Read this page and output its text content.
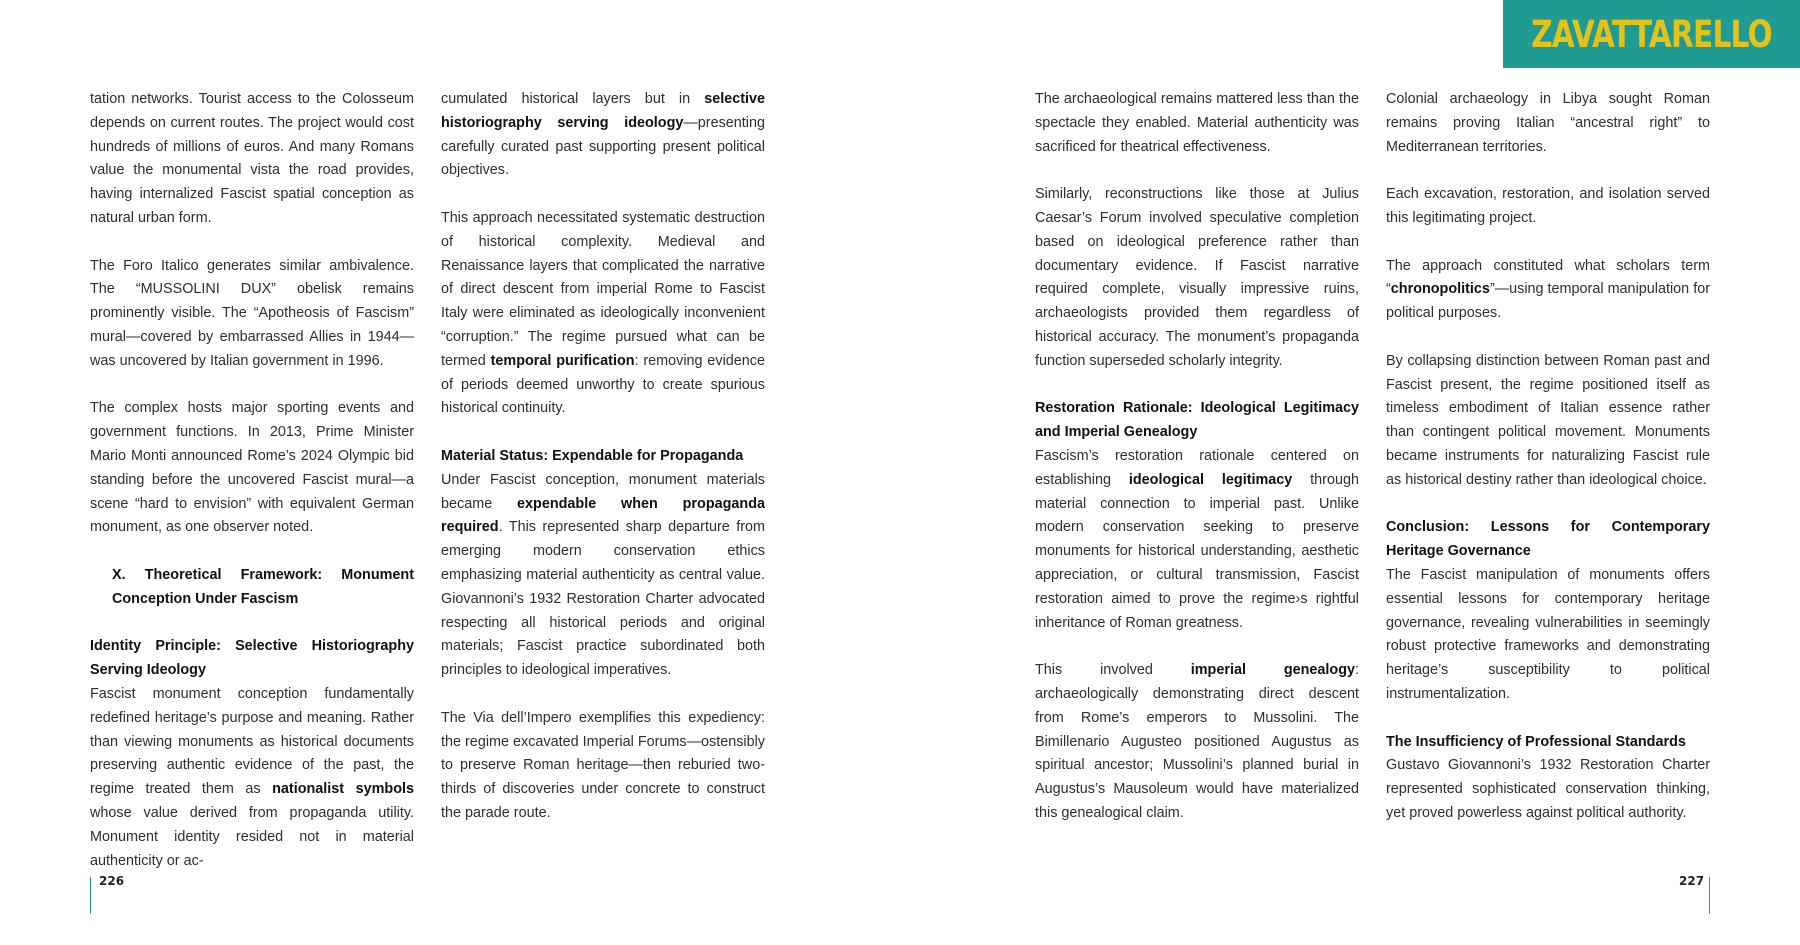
ZAVATTARELLO

tation networks. Tourist access to the Colosseum depends on current routes. The project would cost hundreds of millions of euros. And many Romans value the monumental vista the road provides, having internalized Fascist spatial conception as natural urban form.

The Foro Italico generates similar ambivalence. The “MUSSOLINI DUX” obelisk remains prominently visible. The “Apotheosis of Fascism” mural—covered by embarrassed Allies in 1944—was uncovered by Italian government in 1996.

The complex hosts major sporting events and government functions. In 2013, Prime Minister Mario Monti announced Rome’s 2024 Olympic bid standing before the uncovered Fascist mural—a scene “hard to envision” with equivalent German monument, as one observer noted.

X. Theoretical Framework: Monument Conception Under Fascism

Identity Principle: Selective Historiography Serving Ideology

Fascist monument conception fundamentally redefined heritage’s purpose and meaning. Rather than viewing monuments as historical documents preserving authentic evidence of the past, the regime treated them as nationalist symbols whose value derived from propaganda utility. Monument identity resided not in material authenticity or ac-

cumulated historical layers but in selective historiography serving ideology—presenting carefully curated past supporting present political objectives.

This approach necessitated systematic destruction of historical complexity. Medieval and Renaissance layers that complicated the narrative of direct descent from imperial Rome to Fascist Italy were eliminated as ideologically inconvenient “corruption.” The regime pursued what can be termed temporal purification: removing evidence of periods deemed unworthy to create spurious historical continuity.

Material Status: Expendable for Propaganda

Under Fascist conception, monument materials became expendable when propaganda required. This represented sharp departure from emerging modern conservation ethics emphasizing material authenticity as central value. Giovannoni’s 1932 Restoration Charter advocated respecting all historical periods and original materials; Fascist practice subordinated both principles to ideological imperatives.

The Via dell’Impero exemplifies this expediency: the regime excavated Imperial Forums—ostensibly to preserve Roman heritage—then reburied two-thirds of discoveries under concrete to construct the parade route.

The archaeological remains mattered less than the spectacle they enabled. Material authenticity was sacrificed for theatrical effectiveness.

Similarly, reconstructions like those at Julius Caesar’s Forum involved speculative completion based on ideological preference rather than documentary evidence. If Fascist narrative required complete, visually impressive ruins, archaeologists provided them regardless of historical accuracy. The monument’s propaganda function superseded scholarly integrity.

Restoration Rationale: Ideological Legitimacy and Imperial Genealogy

Fascism’s restoration rationale centered on establishing ideological legitimacy through material connection to imperial past. Unlike modern conservation seeking to preserve monuments for historical understanding, aesthetic appreciation, or cultural transmission, Fascist restoration aimed to prove the regime›s rightful inheritance of Roman greatness.

This involved imperial genealogy: archaeologically demonstrating direct descent from Rome’s emperors to Mussolini. The Bimillenario Augusteo positioned Augustus as spiritual ancestor; Mussolini’s planned burial in Augustus’s Mausoleum would have materialized this genealogical claim.

Colonial archaeology in Libya sought Roman remains proving Italian “ancestral right” to Mediterranean territories.

Each excavation, restoration, and isolation served this legitimating project.

The approach constituted what scholars term “chronopolitics”—using temporal manipulation for political purposes.

By collapsing distinction between Roman past and Fascist present, the regime positioned itself as timeless embodiment of Italian essence rather than contingent political movement. Monuments became instruments for naturalizing Fascist rule as historical destiny rather than ideological choice.

Conclusion: Lessons for Contemporary Heritage Governance

The Fascist manipulation of monuments offers essential lessons for contemporary heritage governance, revealing vulnerabilities in seemingly robust protective frameworks and demonstrating heritage’s susceptibility to political instrumentalization.

The Insufficiency of Professional Standards

Gustavo Giovannoni’s 1932 Restoration Charter represented sophisticated conservation thinking, yet proved powerless against political authority.

226	227
